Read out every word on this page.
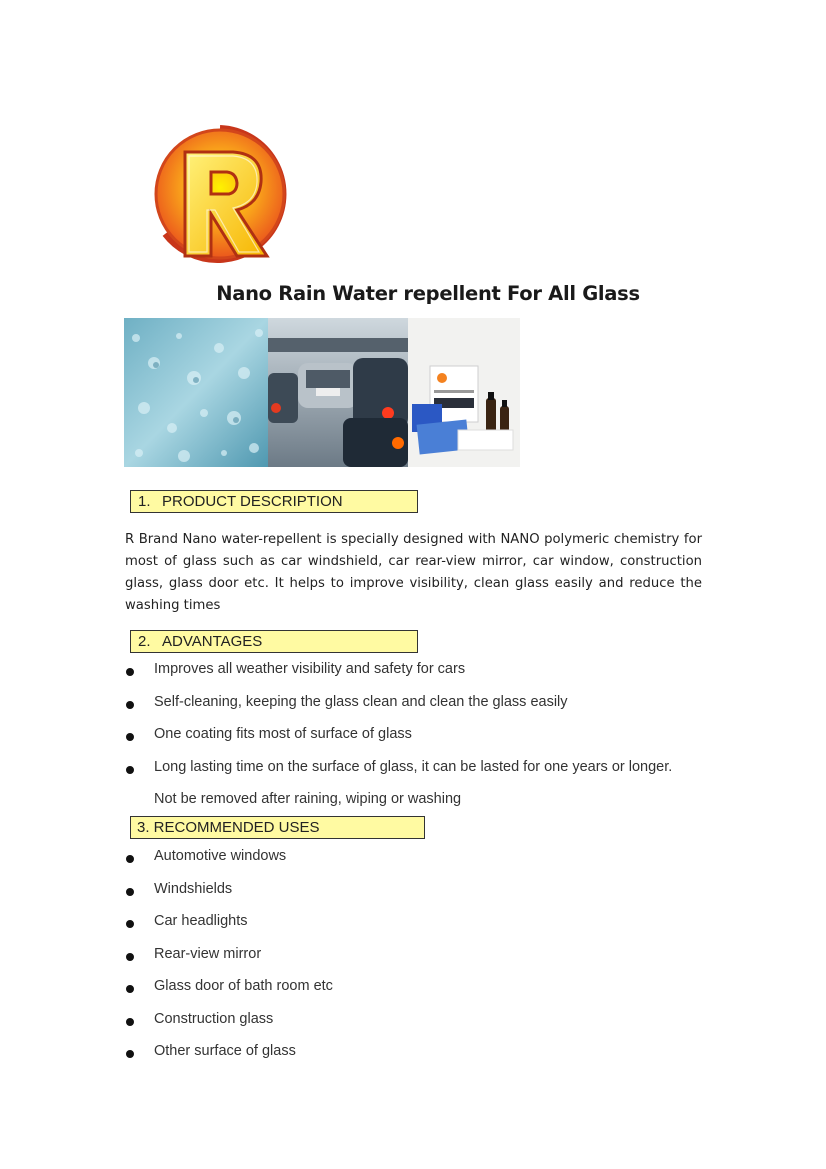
Nano Rain Water repellent For All Glass
1. PRODUCT DESCRIPTION
R Brand Nano water-repellent is specially designed with NANO polymeric chemistry for most of glass such as car windshield, car rear-view mirror, car window, construction glass, glass door etc. It helps to improve visibility, clean glass easily and reduce the washing times
2. ADVANTAGES
Improves all weather visibility and safety for cars
Self-cleaning, keeping the glass clean and clean the glass easily
One coating fits most of surface of glass
Long lasting time on the surface of glass, it can be lasted for one years or longer.
Not be removed after raining, wiping or washing
3. RECOMMENDED USES
Automotive windows
Windshields
Car headlights
Rear-view mirror
Glass door of bath room etc
Construction glass
Other surface of glass
